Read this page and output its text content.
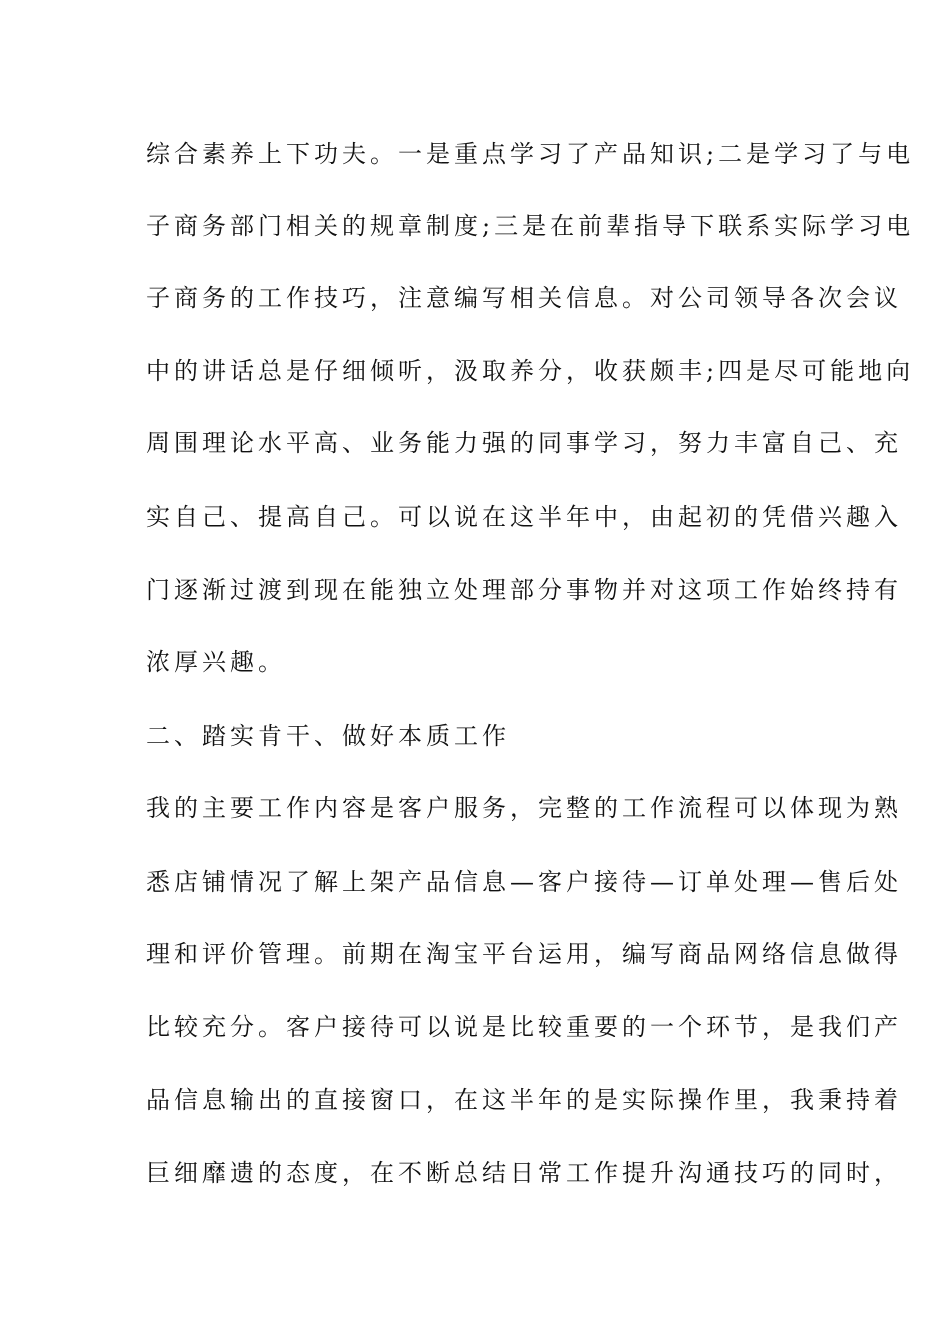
综合素养上下功夫。一是重点学习了产品知识;二是学习了与电
子商务部门相关的规章制度;三是在前辈指导下联系实际学习电
子商务的工作技巧，注意编写相关信息。对公司领导各次会议
中的讲话总是仔细倾听，汲取养分，收获颇丰;四是尽可能地向
周围理论水平高、业务能力强的同事学习，努力丰富自己、充
实自己、提高自己。可以说在这半年中，由起初的凭借兴趣入
门逐渐过渡到现在能独立处理部分事物并对这项工作始终持有
浓厚兴趣。
二、踏实肯干、做好本质工作
我的主要工作内容是客户服务，完整的工作流程可以体现为熟
悉店铺情况了解上架产品信息—客户接待—订单处理—售后处
理和评价管理。前期在淘宝平台运用，编写商品网络信息做得
比较充分。客户接待可以说是比较重要的一个环节，是我们产
品信息输出的直接窗口，在这半年的是实际操作里，我秉持着
巨细靡遗的态度，在不断总结日常工作提升沟通技巧的同时，
